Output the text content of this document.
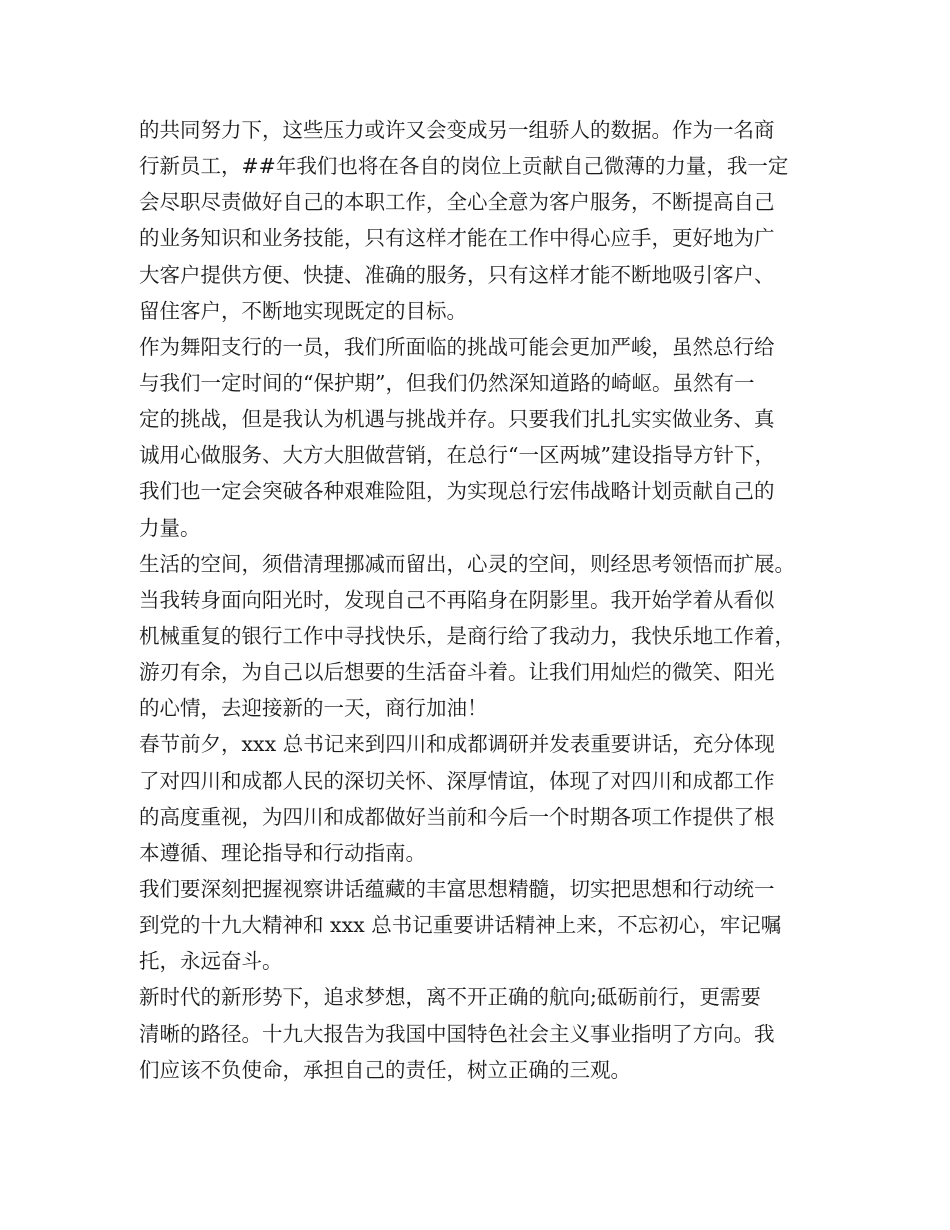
的共同努力下，这些压力或许又会变成另一组骄人的数据。作为一名商
行新员工，##年我们也将在各自的岗位上贡献自己微薄的力量，我一定
会尽职尽责做好自己的本职工作，全心全意为客户服务，不断提高自己
的业务知识和业务技能，只有这样才能在工作中得心应手，更好地为广
大客户提供方便、快捷、准确的服务，只有这样才能不断地吸引客户、
留住客户，不断地实现既定的目标。
作为舞阳支行的一员，我们所面临的挑战可能会更加严峻，虽然总行给
与我们一定时间的“保护期”，但我们仍然深知道路的崎岖。虽然有一
定的挑战，但是我认为机遇与挑战并存。只要我们扎扎实实做业务、真
诚用心做服务、大方大胆做营销，在总行“一区两城”建设指导方针下，
我们也一定会突破各种艰难险阻，为实现总行宏伟战略计划贡献自己的
力量。
生活的空间，须借清理挪减而留出，心灵的空间，则经思考领悟而扩展。
当我转身面向阳光时，发现自己不再陷身在阴影里。我开始学着从看似
机械重复的银行工作中寻找快乐，是商行给了我动力，我快乐地工作着，
游刃有余，为自己以后想要的生活奋斗着。让我们用灿烂的微笑、阳光
的心情，去迎接新的一天，商行加油！
春节前夕，xxx 总书记来到四川和成都调研并发表重要讲话，充分体现
了对四川和成都人民的深切关怀、深厚情谊，体现了对四川和成都工作
的高度重视，为四川和成都做好当前和今后一个时期各项工作提供了根
本遵循、理论指导和行动指南。
我们要深刻把握视察讲话蕴藏的丰富思想精髓，切实把思想和行动统一
到党的十九大精神和 xxx 总书记重要讲话精神上来，不忘初心，牢记嘱
托，永远奋斗。
新时代的新形势下，追求梦想，离不开正确的航向;砥砺前行，更需要
清晰的路径。十九大报告为我国中国特色社会主义事业指明了方向。我
们应该不负使命，承担自己的责任，树立正确的三观。
